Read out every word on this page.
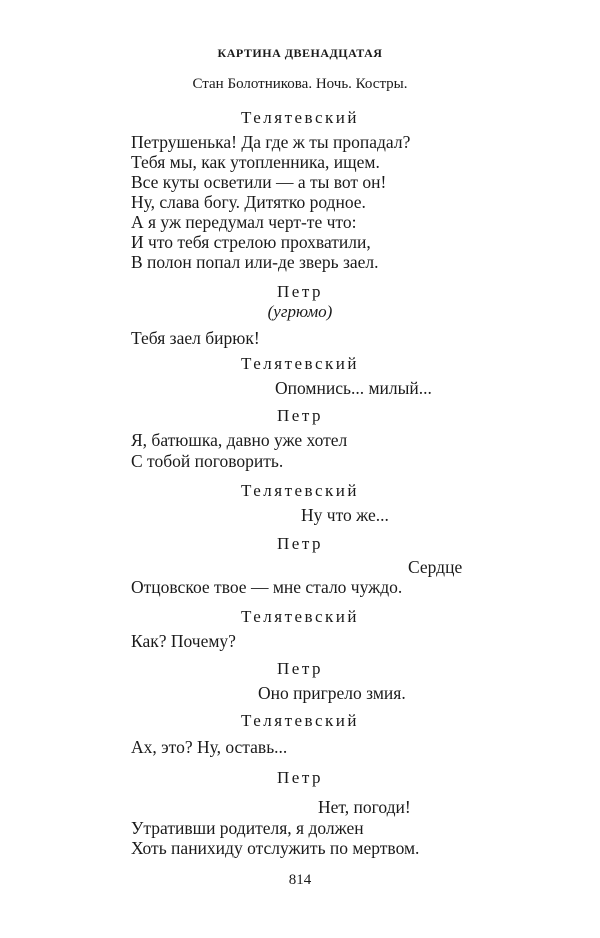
КАРТИНА ДВЕНАДЦАТАЯ
Стан Болотникова. Ночь. Костры.
Телятевский
Петрушенька! Да где ж ты пропадал?
Тебя мы, как утопленника, ищем.
Все куты осветили — а ты вот он!
Ну, слава богу. Дитятко родное.
А я уж передумал черт-те что:
И что тебя стрелою прохватили,
В полон попал или-де зверь заел.
Петр
(угрюмо)
Тебя заел бирюк!
Телятевский
Опомнись... милый...
Петр
Я, батюшка, давно уже хотел
С тобой поговорить.
Телятевский
Ну что же...
Петр
Сердце
Отцовское твое — мне стало чуждо.
Телятевский
Как? Почему?
Петр
Оно пригрело змия.
Телятевский
Ах, это? Ну, оставь...
Петр
Нет, погоди!
Утративши родителя, я должен
Хоть панихиду отслужить по мертвом.
814
